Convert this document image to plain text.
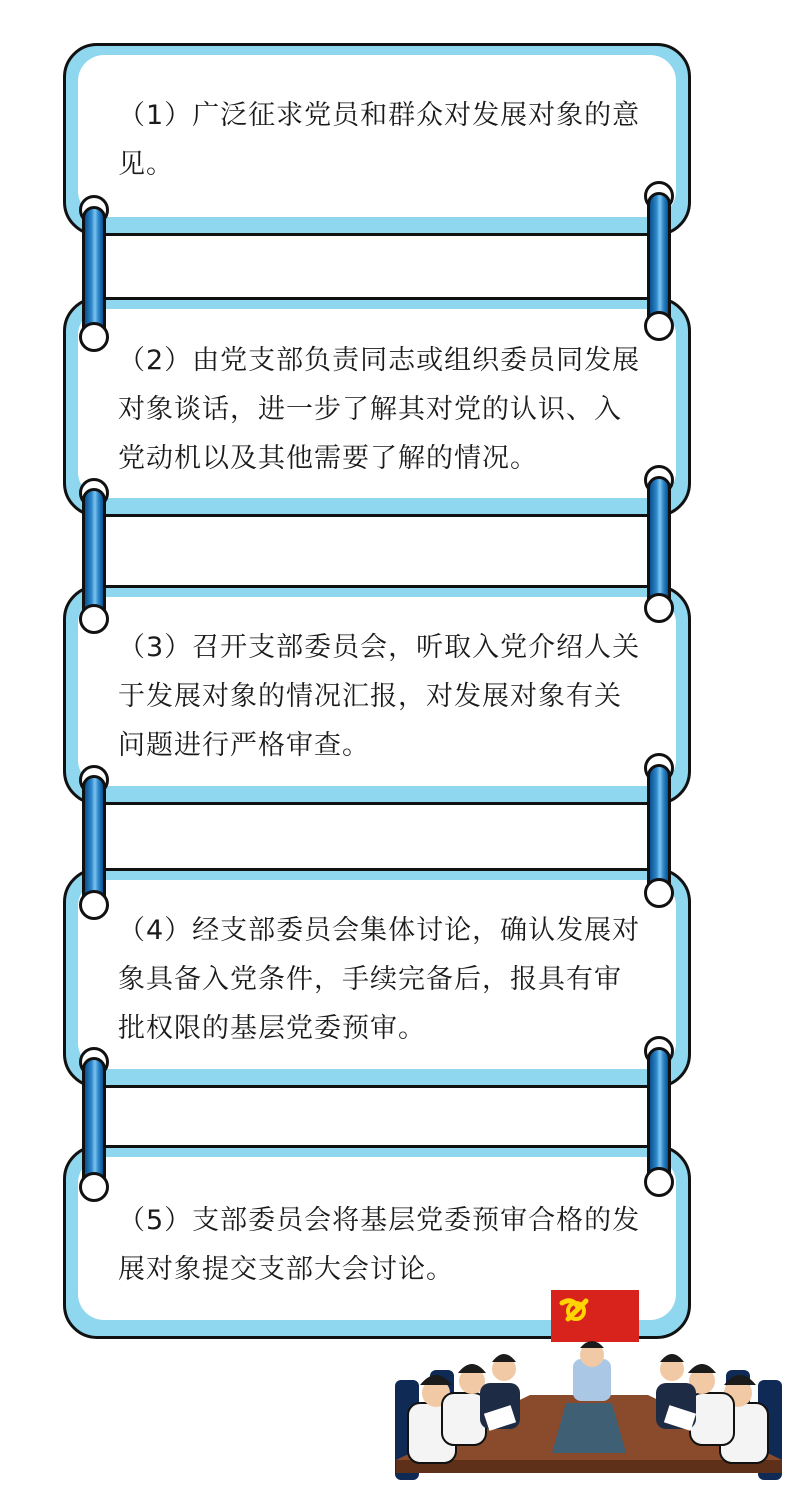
（1）广泛征求党员和群众对发展对象的意见。
（2）由党支部负责同志或组织委员同发展对象谈话，进一步了解其对党的认识、入党动机以及其他需要了解的情况。
（3）召开支部委员会，听取入党介绍人关于发展对象的情况汇报，对发展对象有关问题进行严格审查。
（4）经支部委员会集体讨论，确认发展对象具备入党条件，手续完备后，报具有审批权限的基层党委预审。
（5）支部委员会将基层党委预审合格的发展对象提交支部大会讨论。
